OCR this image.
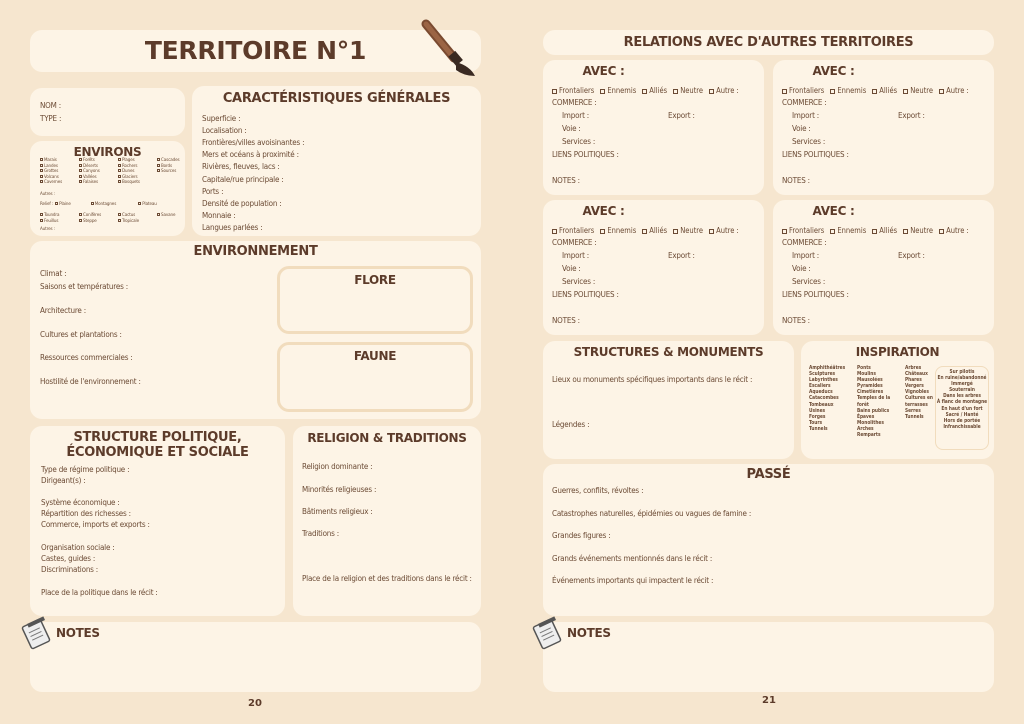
TERRITOIRE N°1
NOM :
TYPE :
CARACTÉRISTIQUES GÉNÉRALES
Superficie :
Localisation :
Frontières/villes avoisinantes :
Mers et océans à proximité :
Rivières, fleuves, lacs :
Capitale/rue principale :
Ports :
Densité de population :
Monnaie :
Langues parlées :
ENVIRONS
Marais
Landes
Grottes
Volcans
Cavernes
Forêts
Déserts
Canyons
Vallées
Falaises
Plages
Rochers
Dunes
Glaciers
Bosquets
Cascades
Bords
Sources
Autres :
Relief : Plaine	Montagnes	Plateau
Toundra	Conifères	Cactus	Savane
Feuillus	Steppe	Tropicale
Autres :
ENVIRONNEMENT
Climat :
Saisons et températures :
Architecture :
Cultures et plantations :
Ressources commerciales :
Hostilité de l'environnement :
FLORE
FAUNE
STRUCTURE POLITIQUE,
ÉCONOMIQUE ET SOCIALE
Type de régime politique :
Dirigeant(s) :
Système économique :
Répartition des richesses :
Commerce, imports et exports :
Organisation sociale :
Castes, guides :
Discriminations :
Place de la politique dans le récit :
RELIGION & TRADITIONS
Religion dominante :
Minorités religieuses :
Bâtiments religieux :
Traditions :
Place de la religion et des traditions dans le récit :
NOTES
20
RELATIONS AVEC D'AUTRES TERRITOIRES
AVEC :
Frontaliers Ennemis Alliés Neutre Autre :
COMMERCE :
Import :	Export :
Voie :
Services :
LIENS POLITIQUES :
NOTES :
AVEC :
Frontaliers Ennemis Alliés Neutre Autre :
COMMERCE :
Import :	Export :
Voie :
Services :
LIENS POLITIQUES :
NOTES :
AVEC :
Frontaliers Ennemis Alliés Neutre Autre :
COMMERCE :
Import :	Export :
Voie :
Services :
LIENS POLITIQUES :
NOTES :
AVEC :
Frontaliers Ennemis Alliés Neutre Autre :
COMMERCE :
Import :	Export :
Voie :
Services :
LIENS POLITIQUES :
NOTES :
STRUCTURES & MONUMENTS
Lieux ou monuments spécifiques importants dans le récit :
Légendes :
INSPIRATION
Amphithéâtres
Sculptures
Labyrinthes
Escaliers
Aqueducs
Catacombes
Tombeaux
Usines
Forges
Tours
Tunnels
Ponts
Moulins
Mausolées
Pyramides
Cimetières
Temples de la
forêt
Bains publics
Épaves
Monolithes
Arches
Remparts
Arbres
Châteaux
Phares
Vergers
Vignobles
Cultures en
terrasses
Serres
Tunnels
Sur pilotis
En ruine/abandonné
Immergé
Souterrain
Dans les arbres
À flanc de montagne
En haut d'un fort
Sacré / Hanté
Hors de portée
Infranchissable
PASSÉ
Guerres, conflits, révoltes :
Catastrophes naturelles, épidémies ou vagues de famine :
Grandes figures :
Grands événements mentionnés dans le récit :
Événements importants qui impactent le récit :
NOTES
21
